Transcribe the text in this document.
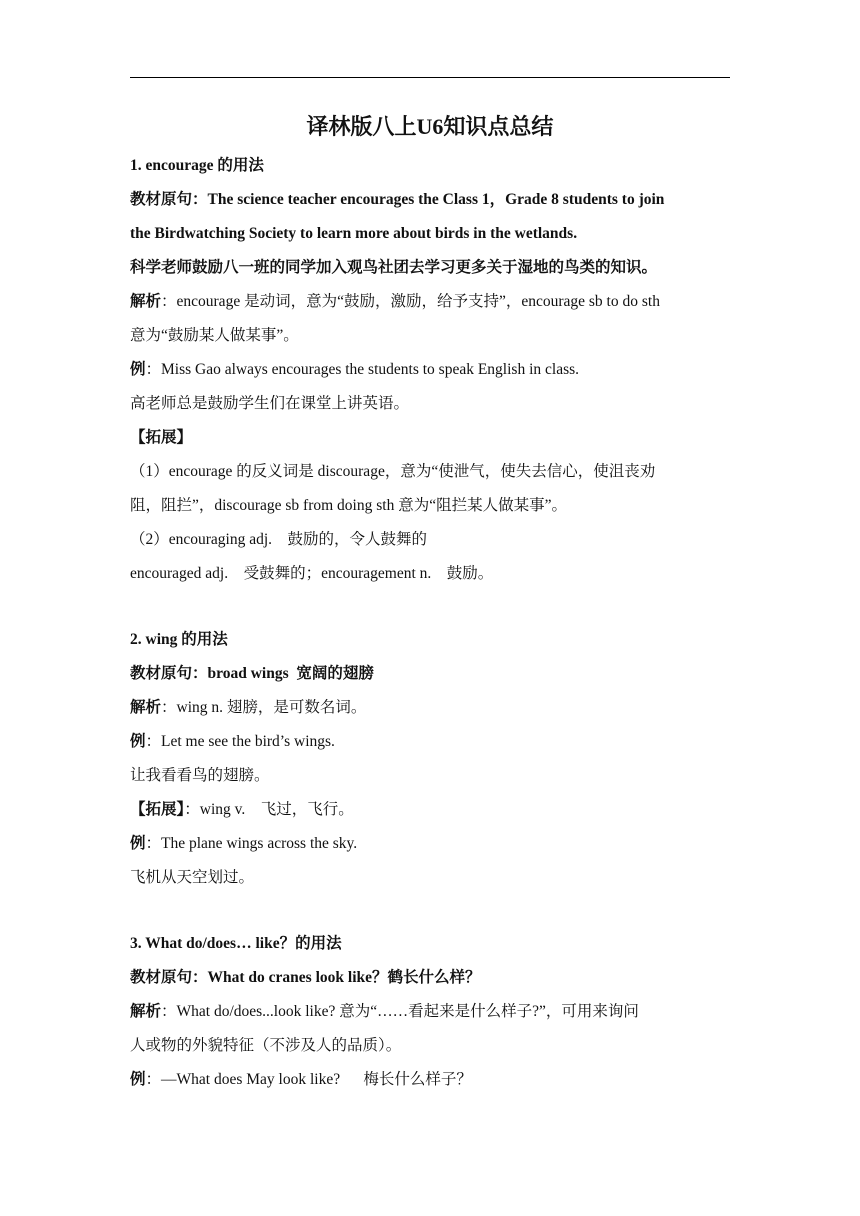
译林版八上U6知识点总结
1. encourage 的用法
教材原句：The science teacher encourages the Class 1，Grade 8 students to join
the Birdwatching Society to learn more about birds in the wetlands.
科学老师鼓励八一班的同学加入观鸟社团去学习更多关于湿地的鸟类的知识。
解析：encourage 是动词，意为“鼓励，激励，给予支持”，encourage sb to do sth
意为“鼓励某人做某事”。
例：Miss Gao always encourages the students to speak English in class.
高老师总是鼓励学生们在课堂上讲英语。
【拓展】
（1）encourage 的反义词是 discourage，意为“使泄气，使失去信心，使沮丧劝
阻，阻拦”，discourage sb from doing sth 意为“阻拦某人做某事”。
（2）encouraging adj.    鼓励的，令人鼓舞的
encouraged adj.    受鼓舞的；encouragement n.    鼓励。
2. wing 的用法
教材原句：broad wings  宽阔的翅膀
解析：wing n. 翅膀，是可数名词。
例：Let me see the bird’s wings.
让我看看鸟的翅膀。
【拓展】：wing v.    飞过，飞行。
例：The plane wings across the sky.
飞机从天空划过。
3. What do/does… like？的用法
教材原句：What do cranes look like？鹤长什么样？
解析：What do/does...look like? 意为“……看起来是什么样子?”，可用来询问
人或物的外貌特征（不涉及人的品质）。
例：—What does May look like?      梅长什么样子？
